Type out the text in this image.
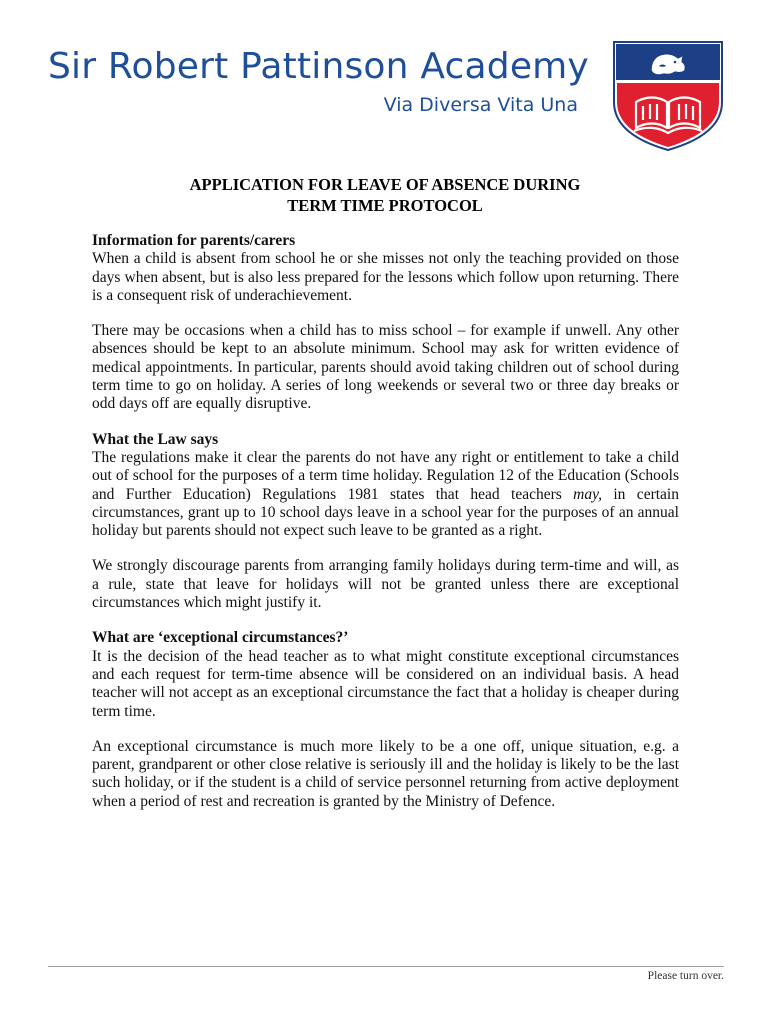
Sir Robert Pattinson Academy
Via Diversa Vita Una
APPLICATION FOR LEAVE OF ABSENCE DURING
TERM TIME PROTOCOL

Information for parents/carers

When a child is absent from school he or she misses not only the teaching provided on those days when absent, but is also less prepared for the lessons which follow upon returning. There is a consequent risk of underachievement.

There may be occasions when a child has to miss school – for example if unwell. Any other absences should be kept to an absolute minimum. School may ask for written evidence of medical appointments. In particular, parents should avoid taking children out of school during term time to go on holiday. A series of long weekends or several two or three day breaks or odd days off are equally disruptive.

What the Law says

The regulations make it clear the parents do not have any right or entitlement to take a child out of school for the purposes of a term time holiday. Regulation 12 of the Education (Schools and Further Education) Regulations 1981 states that head teachers may, in certain circumstances, grant up to 10 school days leave in a school year for the purposes of an annual holiday but parents should not expect such leave to be granted as a right.

We strongly discourage parents from arranging family holidays during term-time and will, as a rule, state that leave for holidays will not be granted unless there are exceptional circumstances which might justify it.

What are ‘exceptional circumstances?’

It is the decision of the head teacher as to what might constitute exceptional circumstances and each request for term-time absence will be considered on an individual basis. A head teacher will not accept as an exceptional circumstance the fact that a holiday is cheaper during term time.

An exceptional circumstance is much more likely to be a one off, unique situation, e.g. a parent, grandparent or other close relative is seriously ill and the holiday is likely to be the last such holiday, or if the student is a child of service personnel returning from active deployment when a period of rest and recreation is granted by the Ministry of Defence.

Please turn over.
